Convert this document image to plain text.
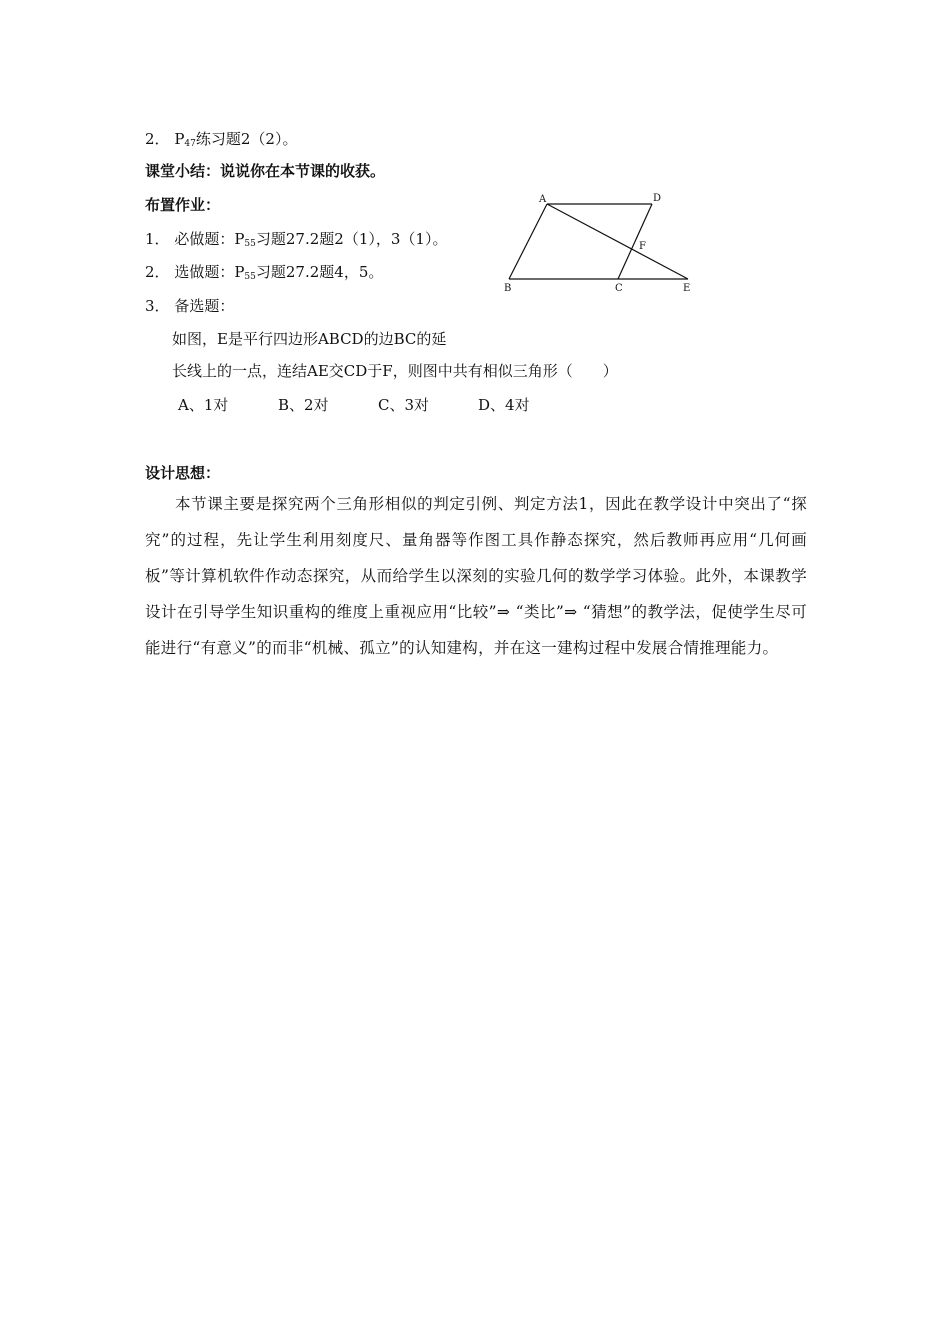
2． $P_{47}$练习题2（2）。
课堂小结：说说你在本节课的收获。
布置作业：
1． 必做题：$P_{55}$习题27.2题2（1），3（1）。
2． 选做题：$P_{55}$习题27.2题4，5。
3． 备选题：
如图，E是平行四边形ABCD的边BC的延
长线上的一点，连结AE交CD于F，则图中共有相似三角形（　　）
A、1对	B、2对	C、3对	D、4对
A	D
F
B	C	E
设计思想：
本节课主要是探究两个三角形相似的判定引例、判定方法1，因此在教学设计中突出了“探究”的过程，先让学生利用刻度尺、量角器等作图工具作静态探究，然后教师再应用“几何画板”等计算机软件作动态探究，从而给学生以深刻的实验几何的数学学习体验。此外，本课教学设计在引导学生知识重构的维度上重视应用“比较”⇒ “类比”⇒ “猜想”的教学法，促使学生尽可能进行“有意义”的而非“机械、孤立”的认知建构，并在这一建构过程中发展合情推理能力。
